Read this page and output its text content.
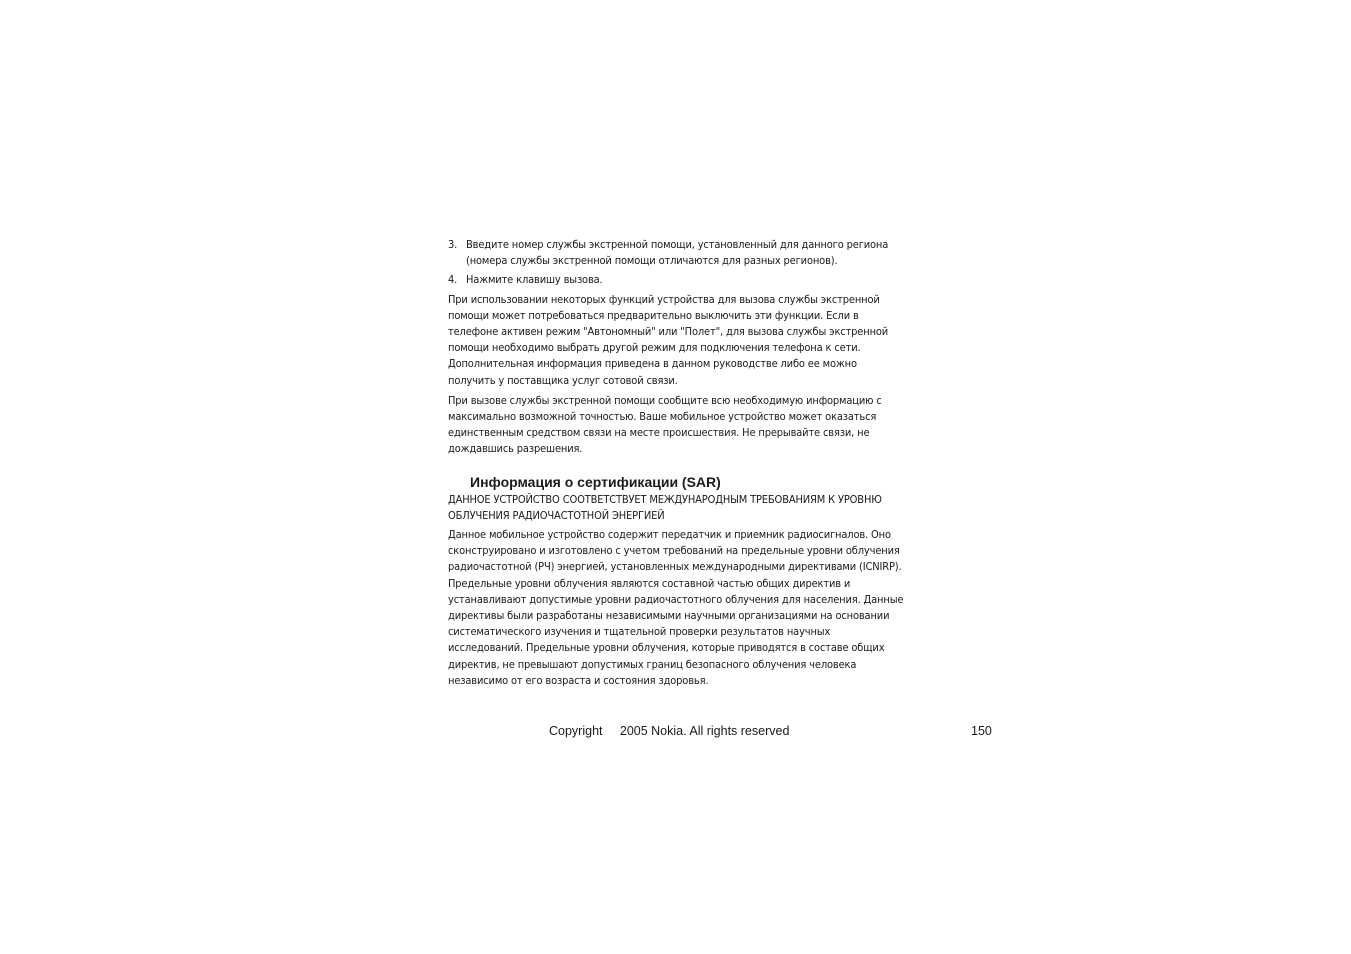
3. Введите номер службы экстренной помощи, установленный для данного региона (номера службы экстренной помощи отличаются для разных регионов).
4. Нажмите клавишу вызова.

При использовании некоторых функций устройства для вызова службы экстренной помощи может потребоваться предварительно выключить эти функции. Если в телефоне активен режим "Автономный" или "Полет", для вызова службы экстренной помощи необходимо выбрать другой режим для подключения телефона к сети. Дополнительная информация приведена в данном руководстве либо ее можно получить у поставщика услуг сотовой связи.

При вызове службы экстренной помощи сообщите всю необходимую информацию с максимально возможной точностью. Ваше мобильное устройство может оказаться единственным средством связи на месте происшествия. Не прерывайте связи, не дождавшись разрешения.

Информация о сертификации (SAR)

ДАННОЕ УСТРОЙСТВО СООТВЕТСТВУЕТ МЕЖДУНАРОДНЫМ ТРЕБОВАНИЯМ К УРОВНЮ ОБЛУЧЕНИЯ РАДИОЧАСТОТНОЙ ЭНЕРГИЕЙ

Данное мобильное устройство содержит передатчик и приемник радиосигналов. Оно сконструировано и изготовлено с учетом требований на предельные уровни облучения радиочастотной (РЧ) энергией, установленных международными директивами (ICNIRP). Предельные уровни облучения являются составной частью общих директив и устанавливают допустимые уровни радиочастотного облучения для населения. Данные директивы были разработаны независимыми научными организациями на основании систематического изучения и тщательной проверки результатов научных исследований. Предельные уровни облучения, которые приводятся в составе общих директив, не превышают допустимых границ безопасного облучения человека независимо от его возраста и состояния здоровья.

Copyright     2005 Nokia. All rights reserved	150
